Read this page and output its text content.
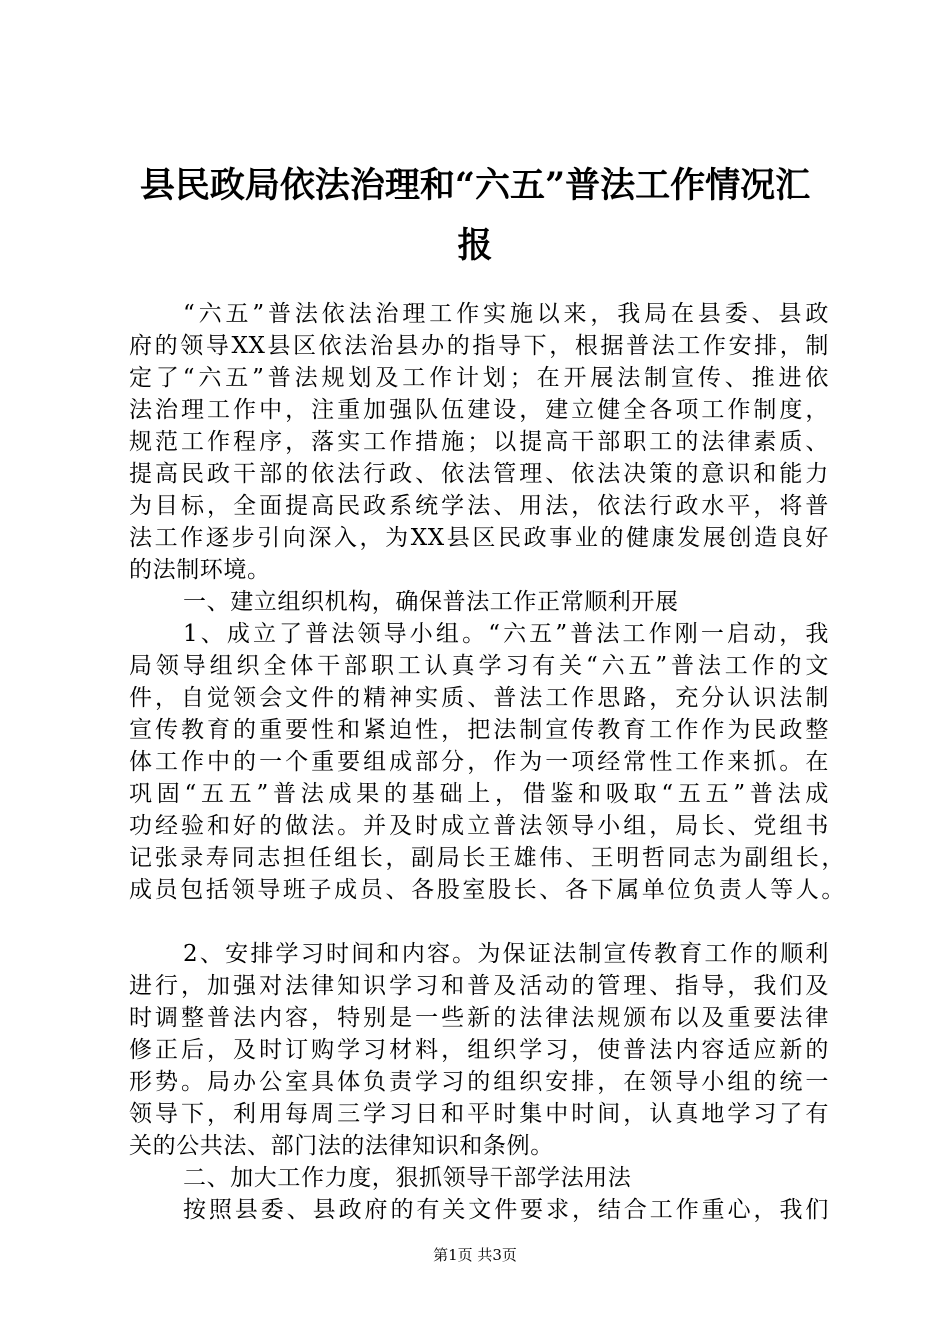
县民政局依法治理和“六五”普法工作情况汇
报
“六五”普法依法治理工作实施以来，我局在县委、县政
府的领导XX县区依法治县办的指导下，根据普法工作安排，制
定了“六五”普法规划及工作计划；在开展法制宣传、推进依
法治理工作中，注重加强队伍建设，建立健全各项工作制度，
规范工作程序，落实工作措施；以提高干部职工的法律素质、
提高民政干部的依法行政、依法管理、依法决策的意识和能力
为目标，全面提高民政系统学法、用法，依法行政水平，将普
法工作逐步引向深入，为XX县区民政事业的健康发展创造良好
的法制环境。
一、建立组织机构，确保普法工作正常顺利开展
1、成立了普法领导小组。“六五”普法工作刚一启动，我
局领导组织全体干部职工认真学习有关“六五”普法工作的文
件，自觉领会文件的精神实质、普法工作思路，充分认识法制
宣传教育的重要性和紧迫性，把法制宣传教育工作作为民政整
体工作中的一个重要组成部分，作为一项经常性工作来抓。在
巩固“五五”普法成果的基础上，借鉴和吸取“五五”普法成
功经验和好的做法。并及时成立普法领导小组，局长、党组书
记张录寿同志担任组长，副局长王雄伟、王明哲同志为副组长，
成员包括领导班子成员、各股室股长、各下属单位负责人等人。
2、安排学习时间和内容。为保证法制宣传教育工作的顺利
进行，加强对法律知识学习和普及活动的管理、指导，我们及
时调整普法内容，特别是一些新的法律法规颁布以及重要法律
修正后，及时订购学习材料，组织学习，使普法内容适应新的
形势。局办公室具体负责学习的组织安排，在领导小组的统一
领导下，利用每周三学习日和平时集中时间，认真地学习了有
关的公共法、部门法的法律知识和条例。
二、加大工作力度，狠抓领导干部学法用法
按照县委、县政府的有关文件要求，结合工作重心，我们
第1页 共3页
